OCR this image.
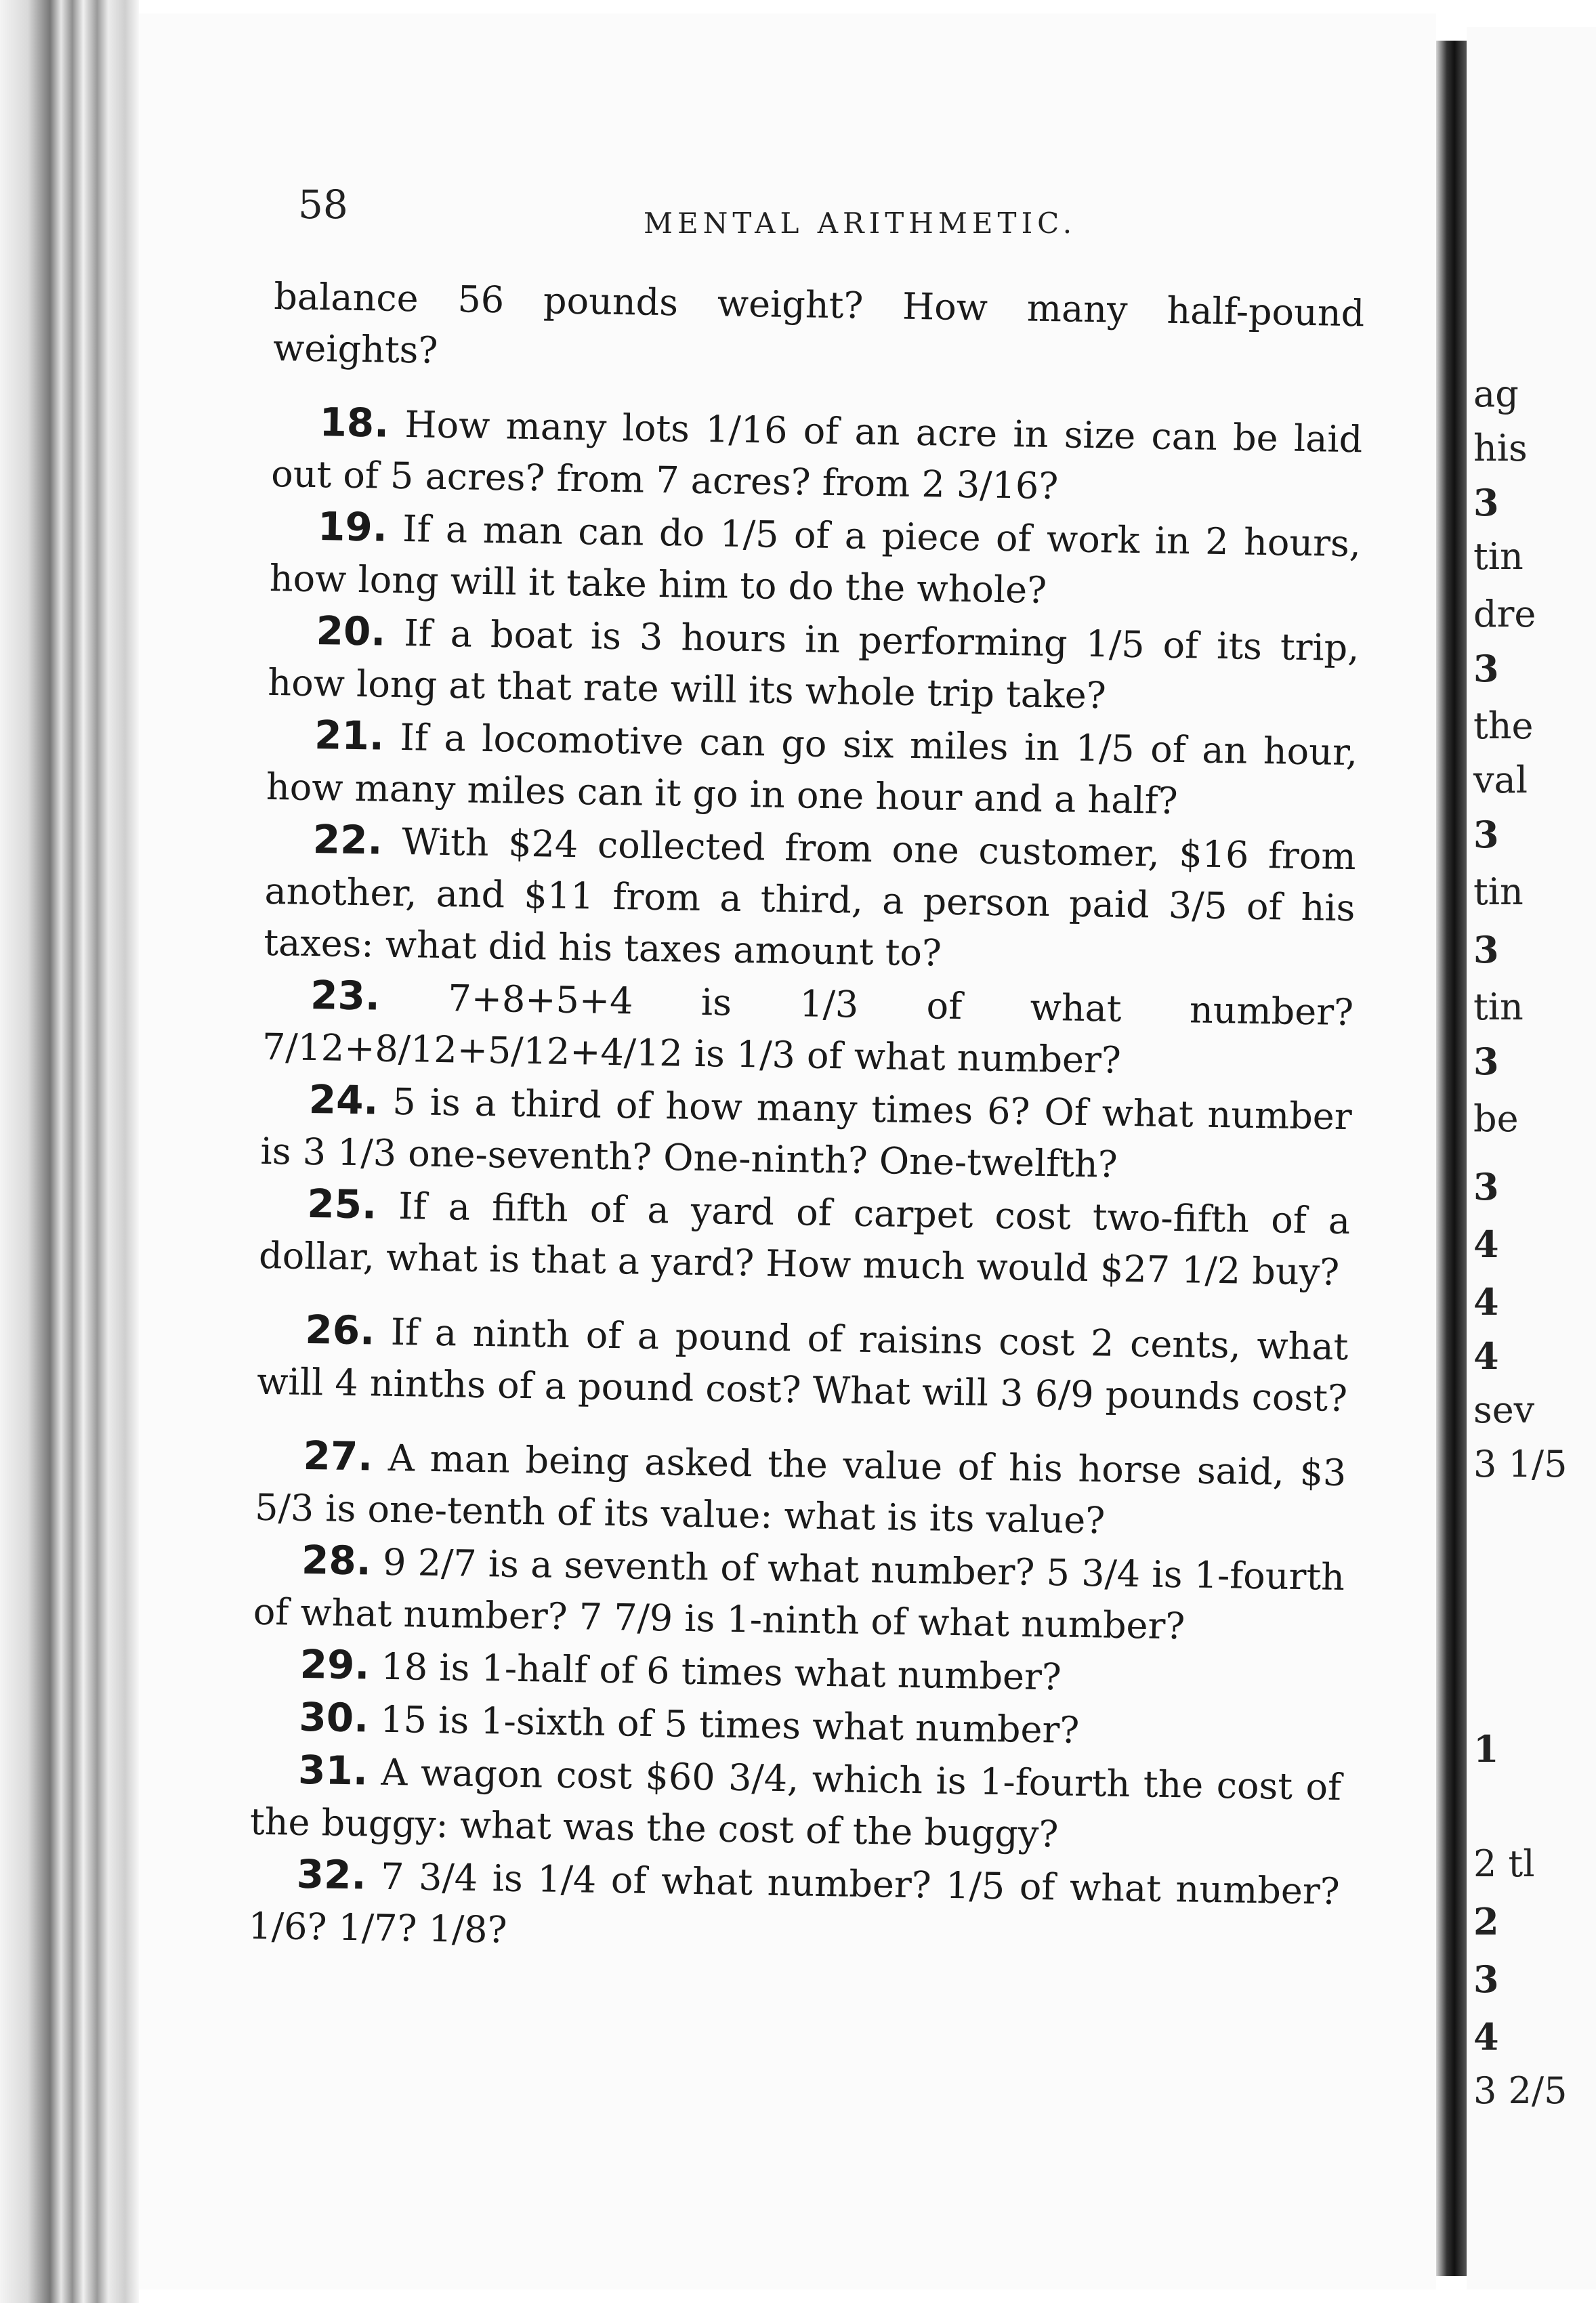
ag
his
3
tin
dre
3
the
val
3
tin
3
tin
3
be
3
4
4
4
sev
3 1/5
1
2 tl
2
3
4
3 2/5
58	MENTAL ARITHMETIC.

balance 56 pounds weight? How many half-pound weights?

18. How many lots 1/16 of an acre in size can be laid out of 5 acres? from 7 acres? from 2 3/16?

19. If a man can do 1/5 of a piece of work in 2 hours, how long will it take him to do the whole?

20. If a boat is 3 hours in performing 1/5 of its trip, how long at that rate will its whole trip take?

21. If a locomotive can go six miles in 1/5 of an hour, how many miles can it go in one hour and a half?

22. With $24 collected from one customer, $16 from another, and $11 from a third, a person paid 3/5 of his taxes: what did his taxes amount to?

23. 7+8+5+4 is 1/3 of what number? 7/12+8/12+5/12+4/12 is 1/3 of what number?

24. 5 is a third of how many times 6? Of what number is 3 1/3 one-seventh? One-ninth? One-twelfth?

25. If a fifth of a yard of carpet cost two-fifth of a dollar, what is that a yard? How much would $27 1/2 buy?

26. If a ninth of a pound of raisins cost 2 cents, what will 4 ninths of a pound cost? What will 3 6/9 pounds cost?

27. A man being asked the value of his horse said, $3 5/3 is one-tenth of its value: what is its value?

28. 9 2/7 is a seventh of what number? 5 3/4 is 1-fourth of what number? 7 7/9 is 1-ninth of what number?

29. 18 is 1-half of 6 times what number?

30. 15 is 1-sixth of 5 times what number?

31. A wagon cost $60 3/4, which is 1-fourth the cost of the buggy: what was the cost of the buggy?

32. 7 3/4 is 1/4 of what number? 1/5 of what number? 1/6? 1/7? 1/8?
